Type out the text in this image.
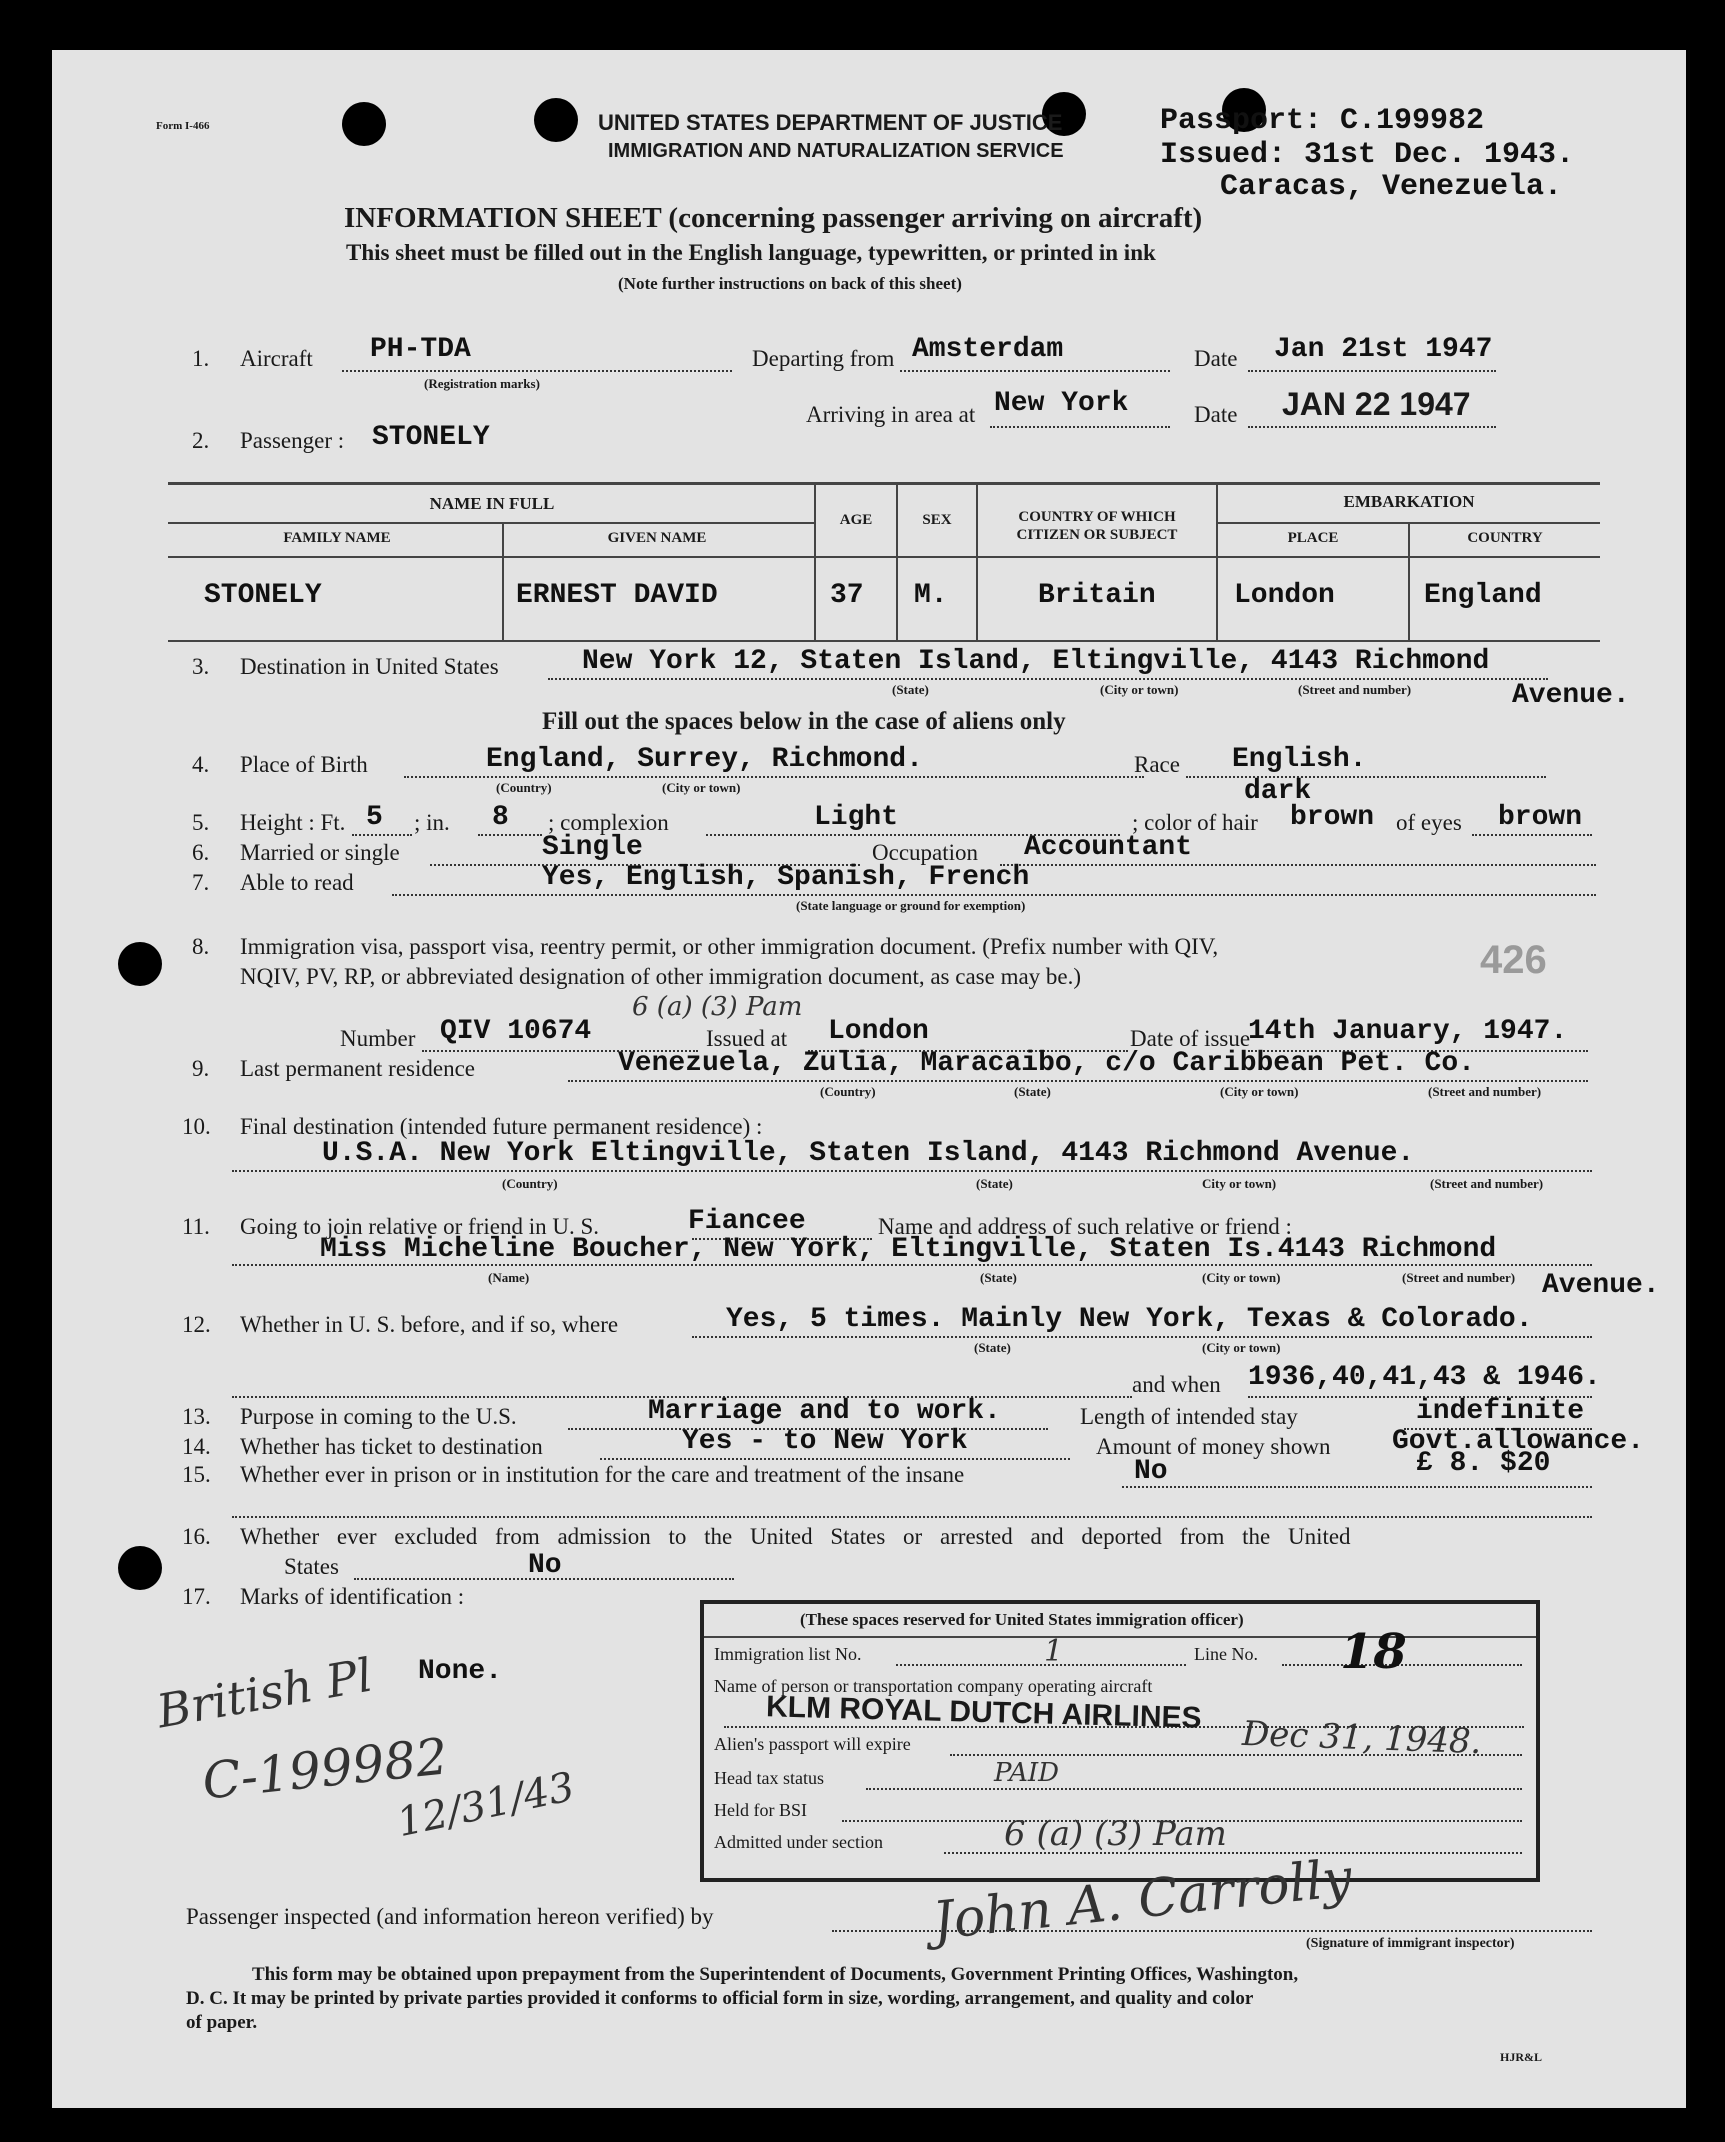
Form I-466	UNITED STATES DEPARTMENT OF JUSTICE
IMMIGRATION AND NATURALIZATION SERVICE
Passport: C.199982
Issued: 31st Dec. 1943.
Caracas, Venezuela.
INFORMATION SHEET (concerning passenger arriving on aircraft)
This sheet must be filled out in the English language, typewritten, or printed in ink
(Note further instructions on back of this sheet)
1. Aircraft PH-TDA
(Registration marks)
Departing from Amsterdam	Date Jan 21st 1947
Arriving in area at New York	Date JAN 22 1947
2. Passenger : STONELY
NAME IN FULL
FAMILY NAME	GIVEN NAME
AGE	SEX	COUNTRY OF WHICH CITIZEN OR SUBJECT
EMBARKATION
PLACE	COUNTRY
STONELY	ERNEST DAVID	37 M.	Britain	London	England
3. Destination in United States	New York 12, Staten Island, Eltingville, 4143 Richmond
Avenue.
(State)	(City or town)	(Street and number)
Fill out the spaces below in the case of aliens only
4. Place of Birth	England, Surrey, Richmond.
(Country)	(City or town)
Race English.
5. Height : Ft. 5 ; in. 8 ; complexion	Light	; color of hair
dark
brown of eyes brown
6. Married or single	Single	Occupation Accountant
7. Able to read	Yes, English, Spanish, French
(State language or ground for exemption)
8. Immigration visa, passport visa, reentry permit, or other immigration document. (Prefix number with QIV,
NQIV, PV, RP, or abbreviated designation of other immigration document, as case may be.)	426
6 (a) (3) Pam
Number QIV 10674	Issued at London	Date of issue
14th January, 1947.
9. Last permanent residence	Venezuela, Zulia, Maracaibo, c/o Caribbean Pet. Co.
(Country)	(State)	(City or town)	(Street and number)
10. Final destination (intended future permanent residence) :
U.S.A. New York Eltingville, Staten Island, 4143 Richmond Avenue.
(Country)	(State)	City or town)	(Street and number)
11. Going to join relative or friend in U. S.	Fiancee	Name and address of such relative or friend :
Miss Micheline Boucher, New York, Eltingville, Staten Is.4143 Richmond
Avenue.
(Name)	(State)	(City or town)	(Street and number)
12. Whether in U. S. before, and if so, where	Yes, 5 times. Mainly New York, Texas & Colorado.
(State)	(City or town)
and when 1936,40,41,43 & 1946.
13. Purpose in coming to the U.S.	Marriage and to work.	Length of intended stay	indefinite
14. Whether has ticket to destination	Yes - to New York	Amount of money shown Govt.allowance.
15. Whether ever in prison or in institution for the care and treatment of the insane	No	£ 8. $20
16. Whether ever excluded from admission to the United States or arrested and deported from the United
States	No
17. Marks of identification :
None.
British Pl
C-199982
12/31/43
(These spaces reserved for United States immigration officer)
Immigration list No.	1	Line No. 18
Name of person or transportation company operating aircraft
KLM ROYAL DUTCH AIRLINES
Alien's passport will expire	Dec 31, 1948.
Head tax status	PAID
Held for BSI
Admitted under section	6 (a) (3) Pam
Passenger inspected (and information hereon verified) by	John A. Carrolly
(Signature of immigrant inspector)
This form may be obtained upon prepayment from the Superintendent of Documents, Government Printing Offices, Washington,
D. C. It may be printed by private parties provided it conforms to official form in size, wording, arrangement, and quality and color
of paper.
HJR&L
